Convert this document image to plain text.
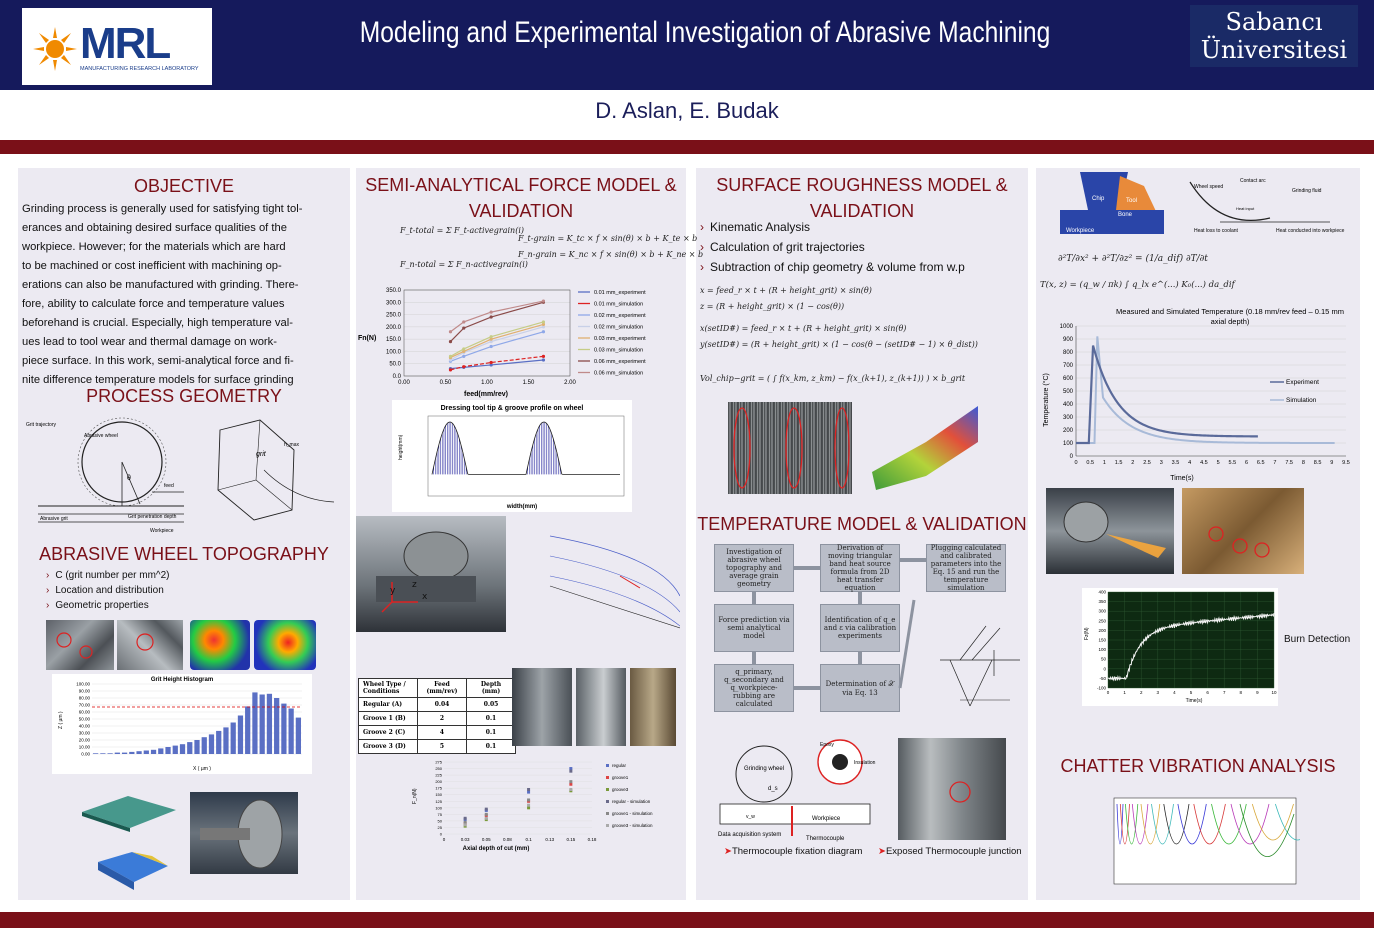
MRL
MANUFACTURING RESEARCH LABORATORY
Modeling and Experimental Investigation of Abrasive Machining	Sabancı
Üniversitesi
D. Aslan, E. Budak
OBJECTIVE
Grinding process is generally used for satisfying tight tol-
erances and obtaining desired surface qualities of the
workpiece. However; for the materials which are hard
to be machined or cost inefficient with machining op-
erations can also be manufactured with grinding. There-
fore, ability to calculate force and temperature values
beforehand is crucial. Especially, high temperature val-
ues lead to tool wear and thermal damage on work-
piece surface. In this work, semi-analytical force and fi-
nite difference temperature models for surface grinding
PROCESS GEOMETRY
Grit trajectory
Abrasive wheel
Grit penetration depth
Abrasive grit
Workpiece
feed
θ
grit
h_max
ABRASIVE WHEEL TOPOGRAPHY
› C (grit number per mm^2)
› Location and distribution
› Geometric properties
Grit Height Histogram
100.00
90.00
80.00
70.00
60.00
50.00
40.00
30.00
20.00
10.00
0.00
Z ( µm )
X ( µm )
SEMI-ANALYTICAL FORCE MODEL &
VALIDATION
F_t-total = Σ F_t-activegrain(i)
F_n-total = Σ F_n-activegrain(i)
F_t-grain = K_tc × f × sin(θ) × b + K_te × b
F_n-grain = K_nc × f × sin(θ) × b + K_ne × b
Fn(N)
feed(mm/rev)
350.0
300.0
250.0
200.0
150.0
100.0
50.0
0.0
0.00	0.50	1.00	1.50	2.00
0.01 mm_experiment
0.01 mm_simulation
0.02 mm_experiment
0.02 mm_simulation
0.03 mm_experiment
0.03 mm_simulation
0.06 mm_experiment
0.06 mm_simulation
Dressing tool tip & groove profile on wheel
height(mm)
width(mm)
y
z
x
Wheel Type / Conditions	Feed (mm/rev)	Depth (mm)
Regular (A)	0.04	0.05
Groove 1 (B)	2	0.1
Groove 2 (C)	4	0.1
Groove 3 (D)	5	0.1
F_n(N)
Axial depth of cut (mm)
275
250
225
200
175
150
125
100
75
50
25
0
0	0.03	0.05	0.08	0.1	0.13	0.15	0.18
regular
groove1
groove3
regular - simulation
groove1 - simulation
groove3 - simulation
SURFACE ROUGHNESS MODEL &
VALIDATION
› Kinematic Analysis
› Calculation of grit trajectories
› Subtraction of chip geometry & volume from w.p
x = feed_r × t + (R + height_grit) × sin(θ)
z = (R + height_grit) × (1 − cos(θ))
x(setID#) = feed_r × t + (R + height_grit) × sin(θ)
y(setID#) = (R + height_grit) × (1 − cos(θ − (setID# − 1) × θ_dist))
Vol_chip−grit = ( ∫ f(x_km, z_km) − f(x_(k+1), z_(k+1)) ) × b_grit
TEMPERATURE MODEL & VALIDATION
Investigation of abrasive wheel topography and average grain geometry
Derivation of moving triangular band heat source formula from 2D heat transfer equation
Plugging calculated and calibrated parameters into the Eq. 15 and run the temperature simulation
Force prediction via semi analytical model
Identification of q_e and ε via calibration experiments
q_primary, q_secondary and q_workpiece-rubbing are calculated
Determination of 𝒳 via Eq. 13
Grinding wheel
d_s
Workpiece
v_w
Epoxy
Insulation
Data acquisition system
Thermocouple
➤Thermocouple fixation diagram ➤Exposed Thermocouple junction
Chip	Tool
Bone
Workpiece
Wheel speed
Contact arc
Grinding fluid
Heat loss to coolant	Heat conducted into workpiece
Heat input
∂²T/∂x² + ∂²T/∂z² = (1/a_dif) ∂T/∂t
T(x, z) = (q_w / πk) ∫ q_lx e^(...) K₀(...) da_dif
Measured and Simulated Temperature (0.18 mm/rev feed – 0.15 mm
axial depth)
Temperature (°C)
Time(s)
1000
900
800
700
600
500
400
300
200
100
0
0 0.5 1 1.5 2 2.5 3 3.5 4 4.5 5 5.5 6 6.5 7 7.5 8 8.5 9 9.5
Experiment
Simulation
Fz(N)
Time(s)
400
350
300
250
200
150
100
50
0
-50
-100
0	1	2	3	4	5	6	7	8	9	10
Burn Detection
CHATTER VIBRATION ANALYSIS
